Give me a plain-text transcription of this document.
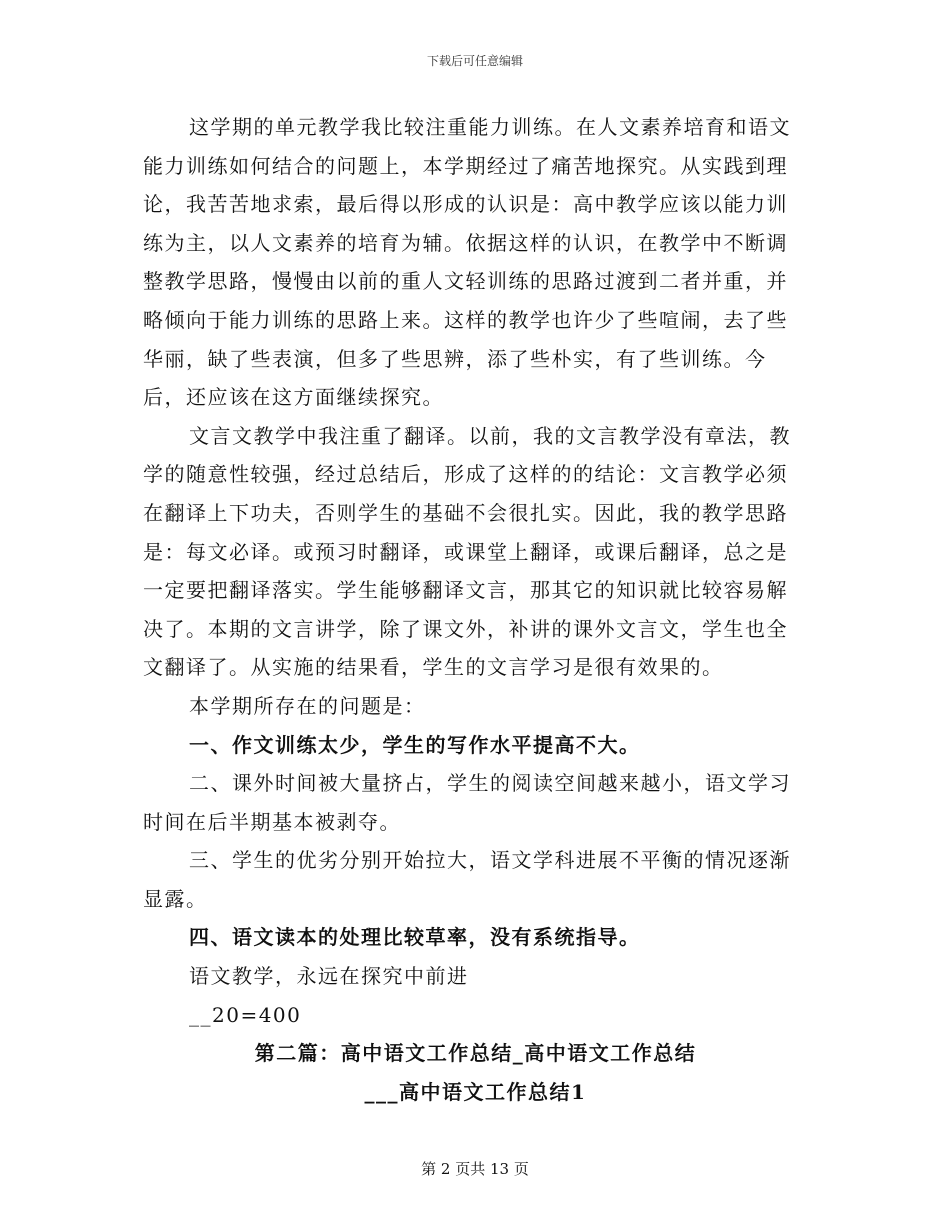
下载后可任意编辑

这学期的单元教学我比较注重能力训练。在人文素养培育和语文能力训练如何结合的问题上，本学期经过了痛苦地探究。从实践到理论，我苦苦地求索，最后得以形成的认识是：高中教学应该以能力训练为主，以人文素养的培育为辅。依据这样的认识，在教学中不断调整教学思路，慢慢由以前的重人文轻训练的思路过渡到二者并重，并略倾向于能力训练的思路上来。这样的教学也许少了些喧闹，去了些华丽，缺了些表演，但多了些思辨，添了些朴实，有了些训练。今后，还应该在这方面继续探究。

文言文教学中我注重了翻译。以前，我的文言教学没有章法，教学的随意性较强，经过总结后，形成了这样的的结论：文言教学必须在翻译上下功夫，否则学生的基础不会很扎实。因此，我的教学思路是：每文必译。或预习时翻译，或课堂上翻译，或课后翻译，总之是一定要把翻译落实。学生能够翻译文言，那其它的知识就比较容易解决了。本期的文言讲学，除了课文外，补讲的课外文言文，学生也全文翻译了。从实施的结果看，学生的文言学习是很有效果的。

本学期所存在的问题是：

一、作文训练太少，学生的写作水平提高不大。

二、课外时间被大量挤占，学生的阅读空间越来越小，语文学习时间在后半期基本被剥夺。

三、学生的优劣分别开始拉大，语文学科进展不平衡的情况逐渐显露。

四、语文读本的处理比较草率，没有系统指导。

语文教学，永远在探究中前进

__20=400

第二篇：高中语文工作总结_高中语文工作总结

___高中语文工作总结1

第 2 页共 13 页
